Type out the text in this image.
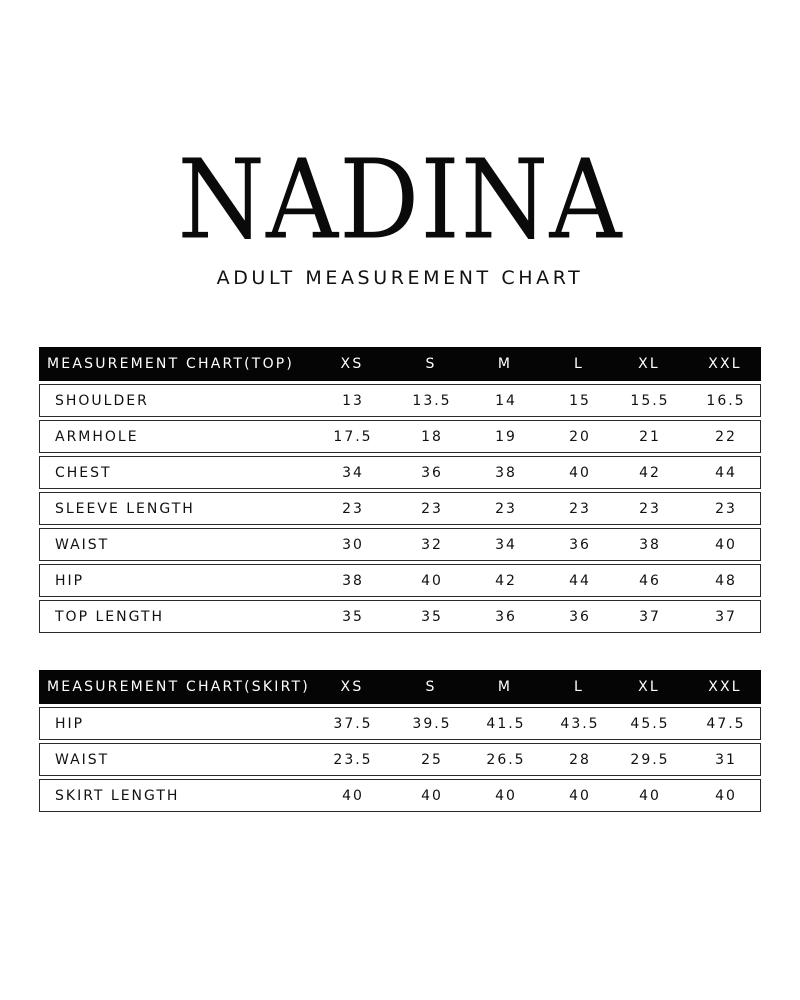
NADINA
ADULT MEASUREMENT CHART
MEASUREMENT CHART(TOP)	XS	S	M	L	XL	XXL
SHOULDER	13	13.5	14	15	15.5	16.5
ARMHOLE	17.5	18	19	20	21	22
CHEST	34	36	38	40	42	44
SLEEVE LENGTH	23	23	23	23	23	23
WAIST	30	32	34	36	38	40
HIP	38	40	42	44	46	48
TOP LENGTH	35	35	36	36	37	37
MEASUREMENT CHART(SKIRT)	XS	S	M	L	XL	XXL
HIP	37.5	39.5	41.5	43.5	45.5	47.5
WAIST	23.5	25	26.5	28	29.5	31
SKIRT LENGTH	40	40	40	40	40	40
